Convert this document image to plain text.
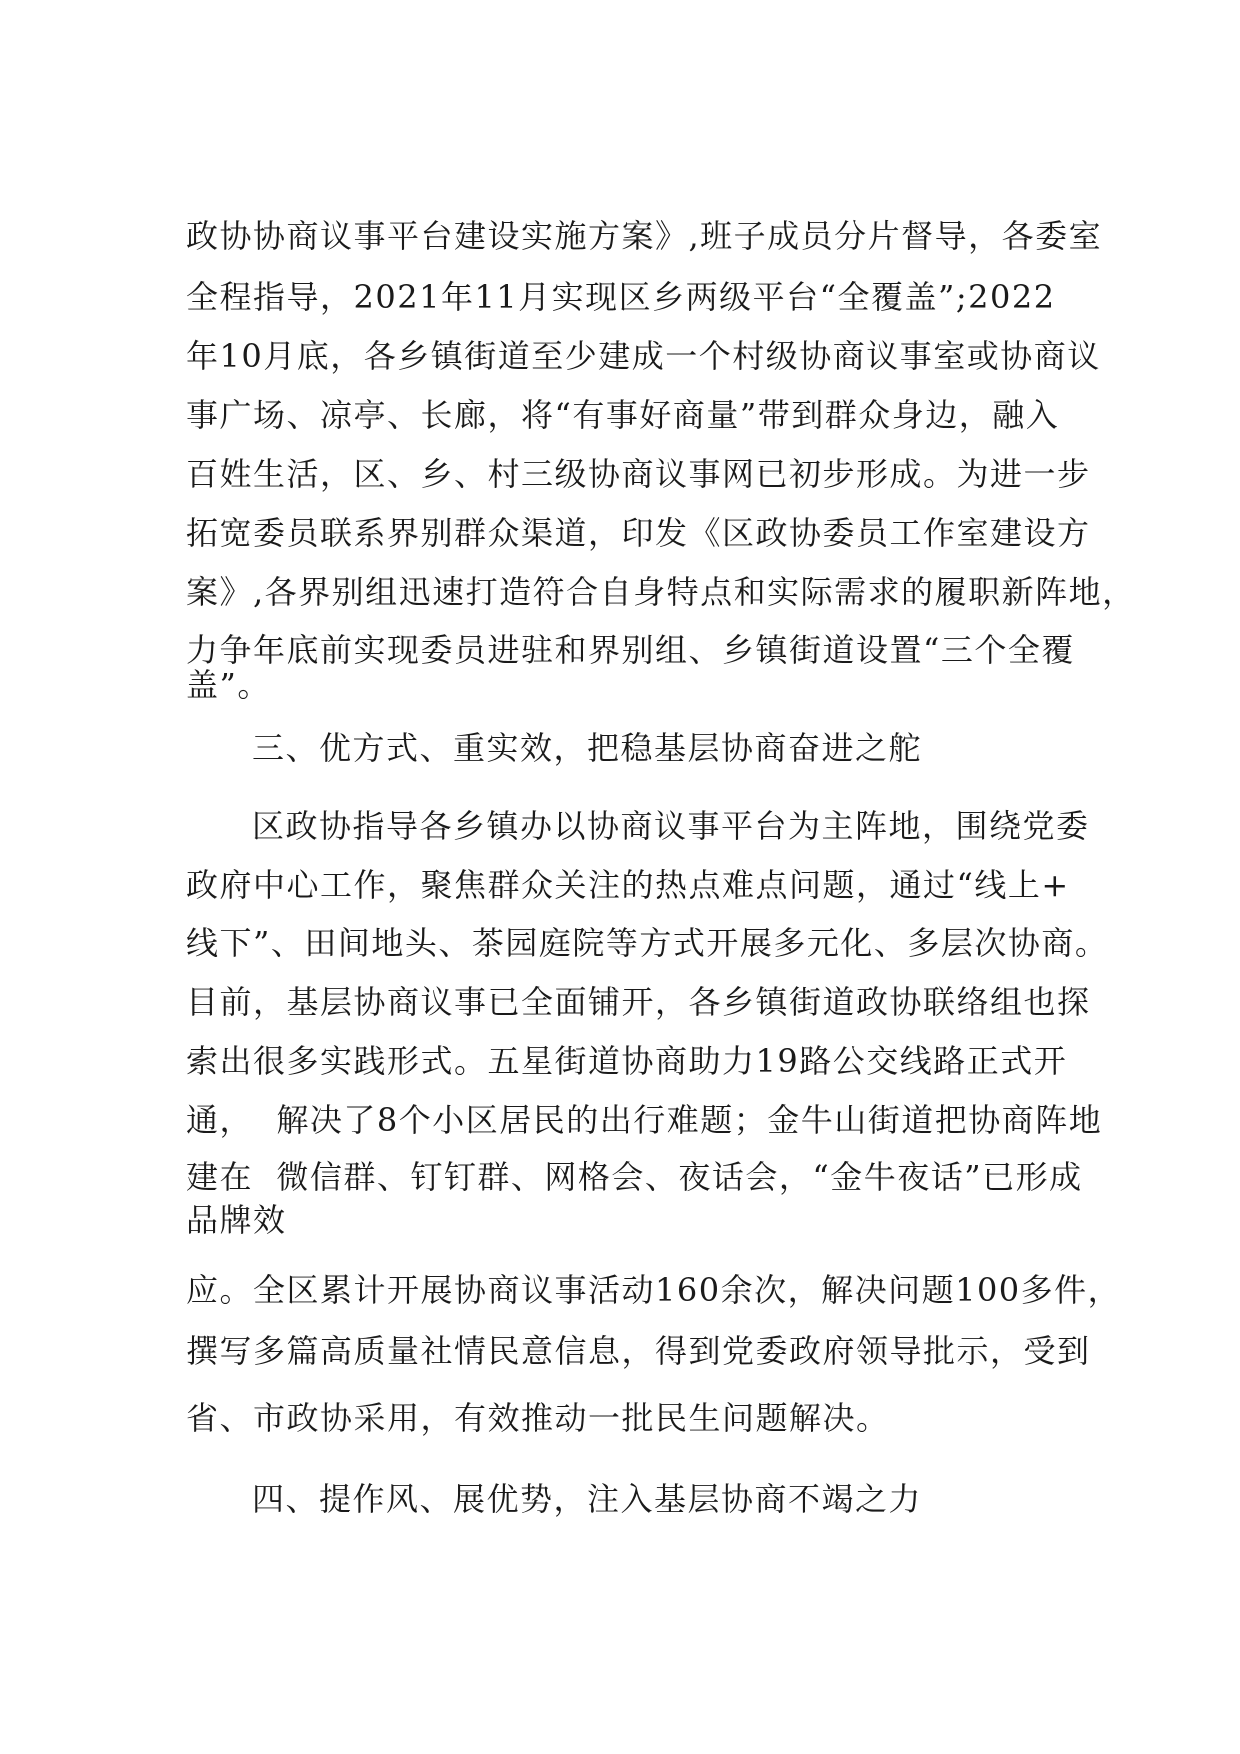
政协协商议事平台建设实施方案》,班子成员分片督导，各委室
全程指导，2021年11月实现区乡两级平台“全覆盖”;2022
年10月底，各乡镇街道至少建成一个村级协商议事室或协商议
事广场、凉亭、长廊，将“有事好商量”带到群众身边，融入
百姓生活，区、乡、村三级协商议事网已初步形成。为进一步
拓宽委员联系界别群众渠道，印发《区政协委员工作室建设方
案》,各界别组迅速打造符合自身特点和实际需求的履职新阵地，
力争年底前实现委员进驻和界别组、乡镇街道设置“三个全覆
盖”。
三、优方式、重实效，把稳基层协商奋进之舵
区政协指导各乡镇办以协商议事平台为主阵地，围绕党委
政府中心工作，聚焦群众关注的热点难点问题，通过“线上+
线下”、田间地头、茶园庭院等方式开展多元化、多层次协商。
目前，基层协商议事已全面铺开，各乡镇街道政协联络组也探
索出很多实践形式。五星街道协商助力19路公交线路正式开
通，  解决了8个小区居民的出行难题；金牛山街道把协商阵地
建在  微信群、钉钉群、网格会、夜话会，“金牛夜话”已形成
品牌效
应。全区累计开展协商议事活动160余次，解决问题100多件，
撰写多篇高质量社情民意信息，得到党委政府领导批示，受到
省、市政协采用，有效推动一批民生问题解决。
四、提作风、展优势，注入基层协商不竭之力
